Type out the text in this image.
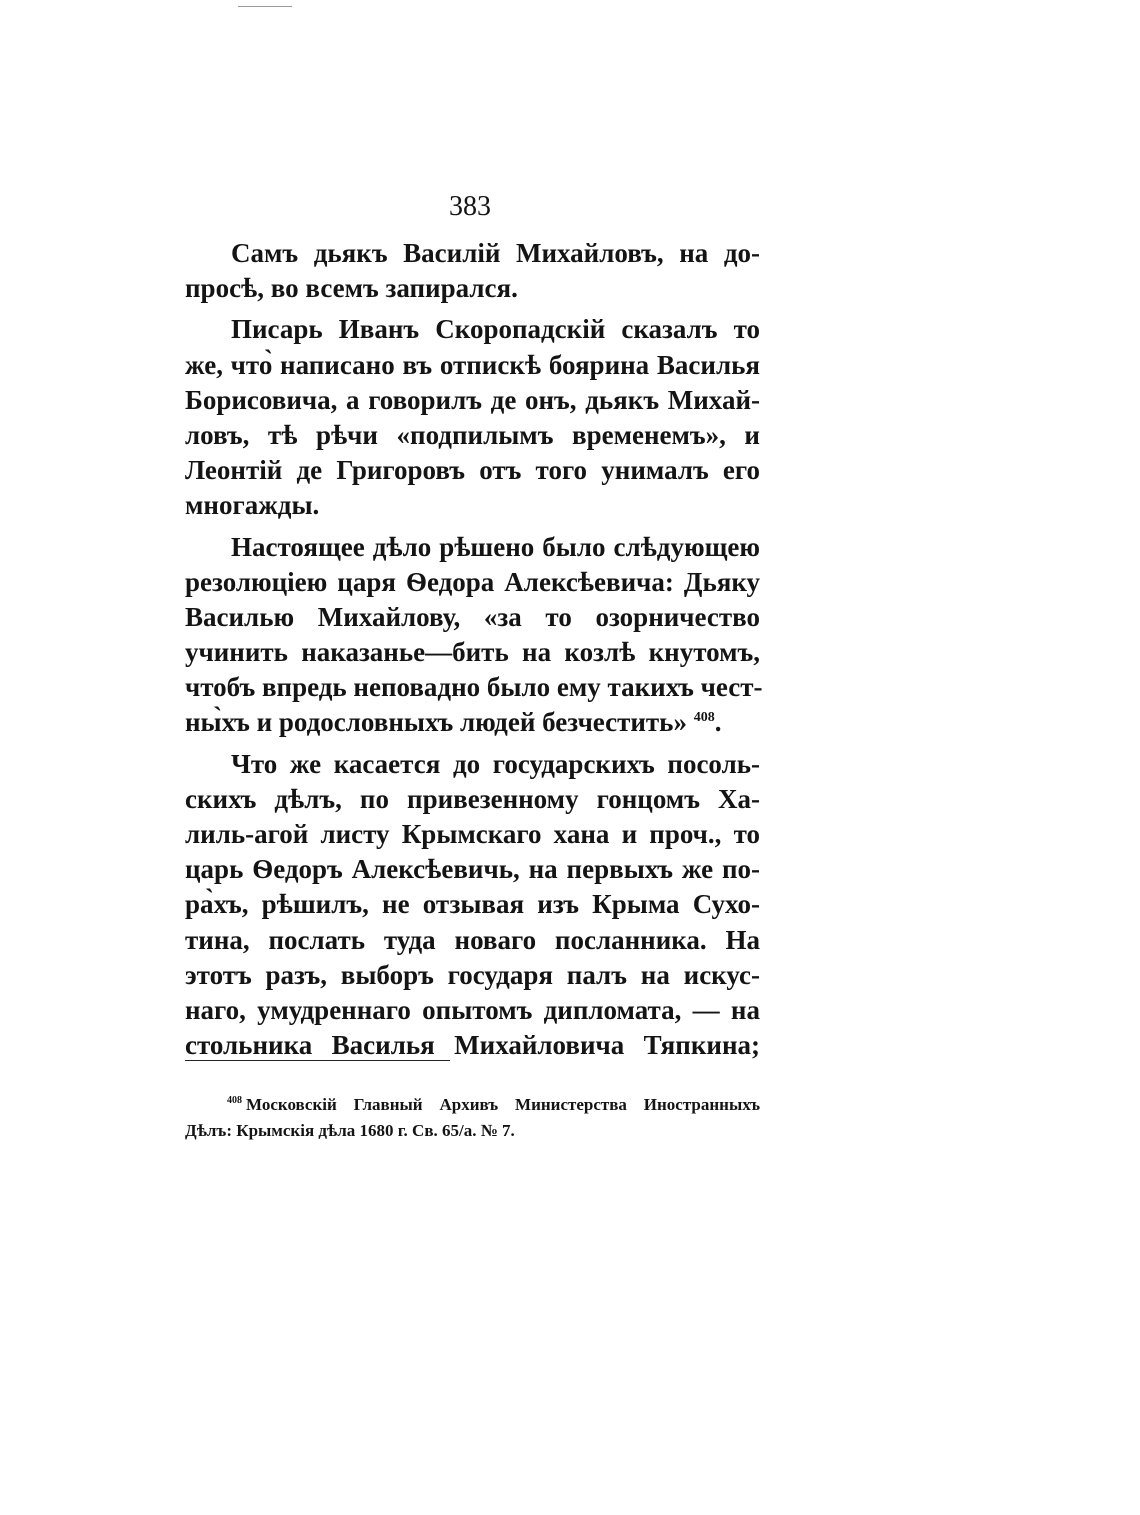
383
Самъ дьякъ Василiй Михайловъ, на до-
просѣ, во всемъ запирался.
Писарь Иванъ Скоропадскiй сказалъ то
же, что̀ написано въ отпискѣ боярина Василья
Борисовича, а говорилъ де онъ, дьякъ Михай-
ловъ, тѣ рѣчи «подпилымъ временемъ», и
Леонтiй де Григоровъ отъ того унималъ его
многажды.
Настоящее дѣло рѣшено было слѣдующею
резолюцiею царя Ѳедора Алексѣевича: Дьяку
Василью Михайлову, «за то озорничество
учинить наказанье—бить на козлѣ кнутомъ,
чтобъ впредь неповадно было ему такихъ чест-
ны̀хъ и родословныхъ людей безчестить» $^{408}$.
Что же касается до государскихъ посоль-
скихъ дѣлъ, по привезенному гонцомъ Ха-
лиль-агой листу Крымскаго хана и проч., то
царь Ѳедоръ Алексѣевичь, на первыхъ же по-
ра̀хъ, рѣшилъ, не отзывая изъ Крыма Сухо-
тина, послать туда новаго посланника. На
этотъ разъ, выборъ государя палъ на искус-
наго, умудреннаго опытомъ дипломата, — на
стольника Василья Михайловича Тяпкина;
$^{408}$ Московскiй Главный Архивъ Министерства Иностранныхъ
Дѣлъ: Крымскiя дѣла 1680 г. Св. 65/а. № 7.
